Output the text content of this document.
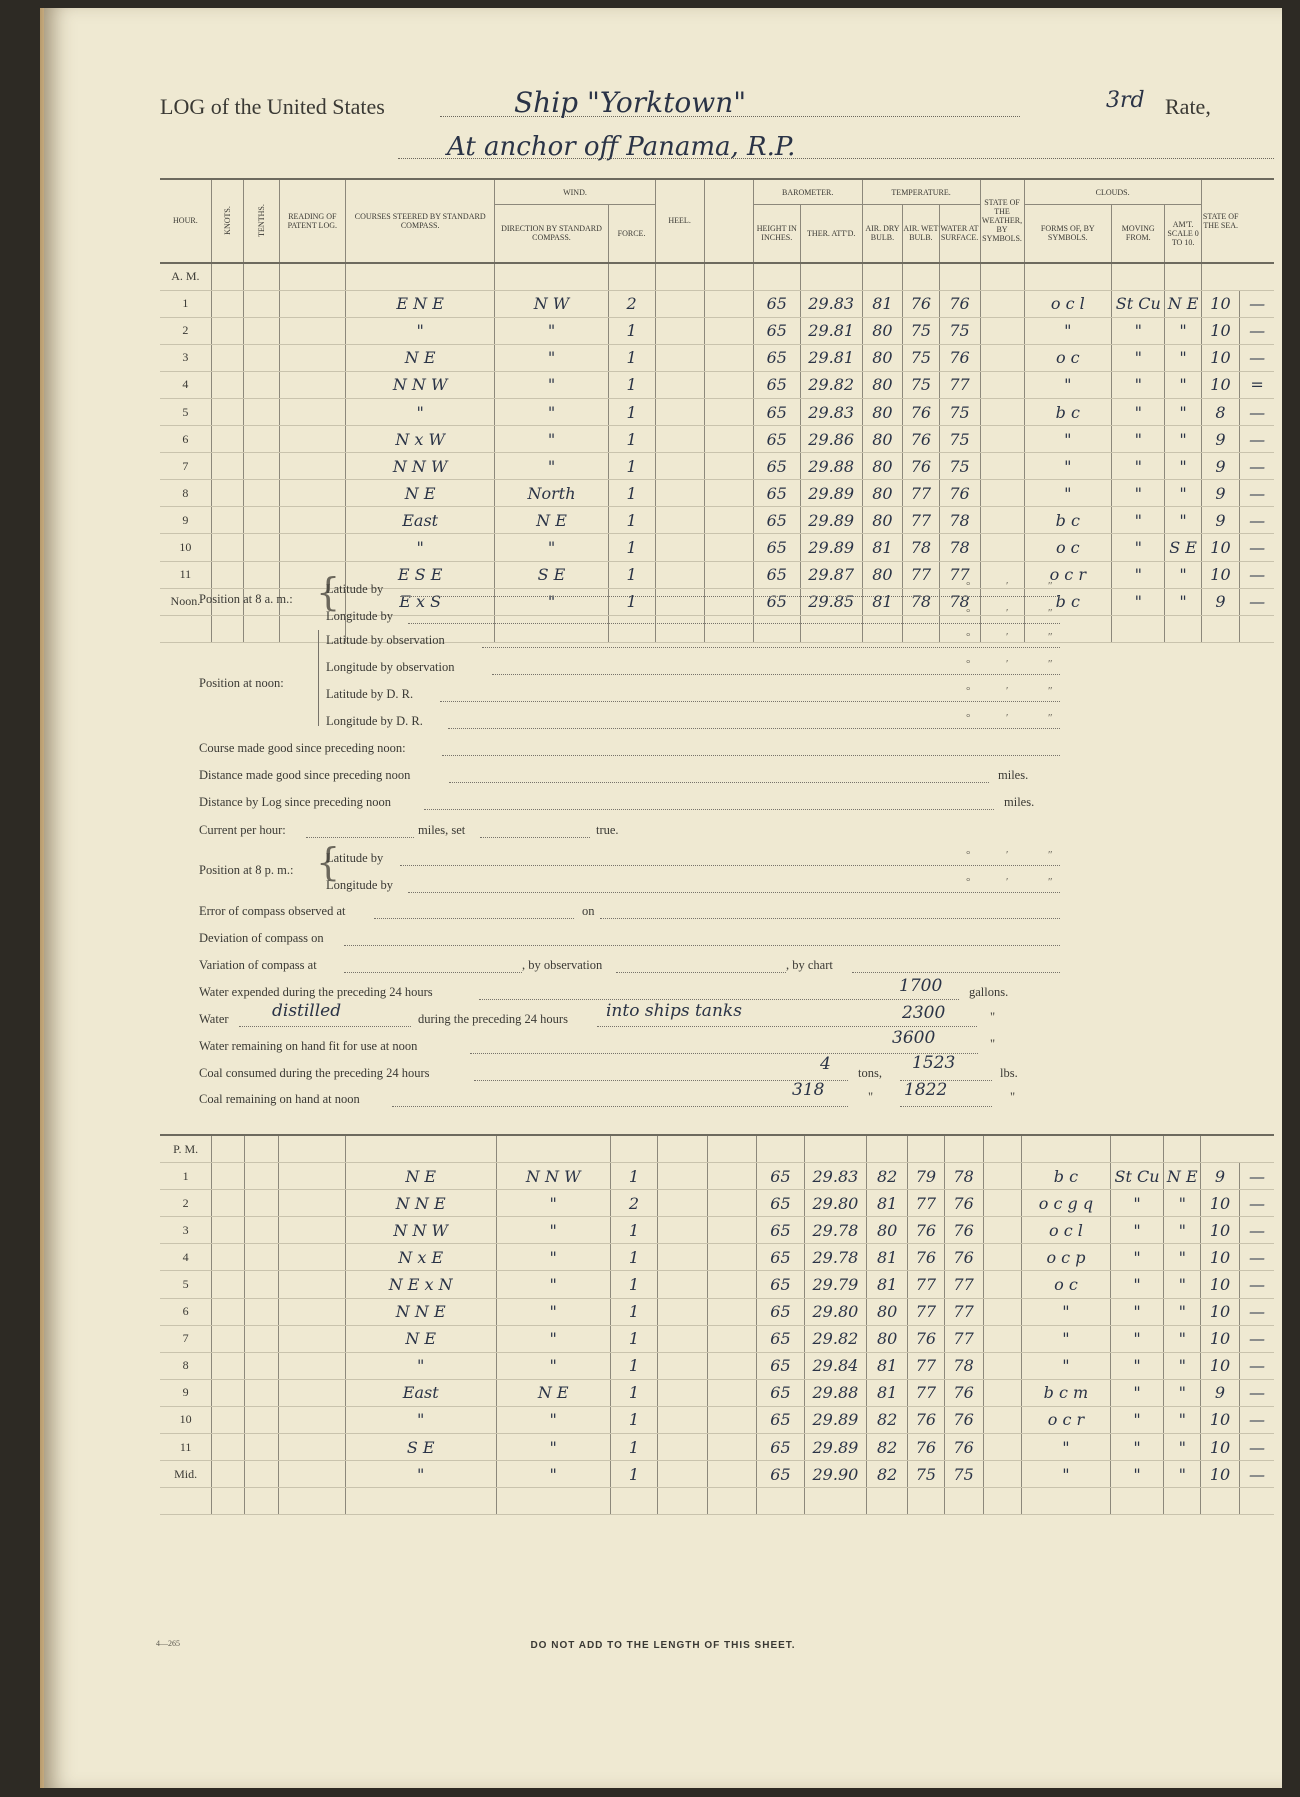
LOG of the United States	Ship "Yorktown"	3rd Rate,
At anchor off Panama, R.P.
HOUR.	KNOTS.	TENTHS.	READING OF PATENT LOG.	COURSES STEERED BY STANDARD COMPASS.	WIND.		HEEL.		BAROMETER.		TEMPERATURE.			STATE OF THE WEATHER, BY SYMBOLS.	CLOUDS.			STATE OF THE SEA.	
					DIRECTION BY STANDARD COMPASS.	FORCE.			HEIGHT IN INCHES.	THER. ATT'D.	AIR. DRY BULB.	AIR. WET BULB.	WATER AT SURFACE.		FORMS OF, BY SYMBOLS.	MOVING FROM.	AM'T. SCALE 0 TO 10.		
A. M.																			
1				E N E	N W	2			65	29.83	81	76	76		o c l	St Cu	N E	10	—
2				"	"	1			65	29.81	80	75	75		"	"	"	10	—
3				N E	"	1			65	29.81	80	75	76		o c	"	"	10	—
4				N N W	"	1			65	29.82	80	75	77		"	"	"	10	=
5				"	"	1			65	29.83	80	76	75		b c	"	"	8	—
6				N x W	"	1			65	29.86	80	76	75		"	"	"	9	—
7				N N W	"	1			65	29.88	80	76	75		"	"	"	9	—
8				N E	North	1			65	29.89	80	77	76		"	"	"	9	—
9				East	N E	1			65	29.89	80	77	78		b c	"	"	9	—
10				"	"	1			65	29.89	81	78	78		o c	"	S E	10	—
11				E S E	S E	1			65	29.87	80	77	77		o c r	"	"	10	—
Noon.				E x S	"	1			65	29.85	81	78	78		b c	"	"	9	—

Position at 8 a. m.: {
Latitude by
Longitude by
Position at noon:
Latitude by observation
Longitude by observation
Latitude by D. R.
Longitude by D. R.
Course made good since preceding noon:
Distance made good since preceding noon	miles.
Distance by Log since preceding noon	miles.
Current per hour:	miles, set	true.
Position at 8 p. m.: {
Latitude by
Longitude by
Error of compass observed at	on
Deviation of compass on
Variation of compass at	, by observation	, by chart
Water expended during the preceding 24 hours	1700 gallons.
Water	distilled	during the preceding 24 hours into ships tanks	2300	"
Water remaining on hand fit for use at noon	3600	"
Coal consumed during the preceding 24 hours	4 tons, 1523	lbs.
Coal remaining on hand at noon	318	" 1822	"
°	′	″
°	′	″
°	′	″
°	′	″
°	′	″
°	′	″
°	′	″
°	′	″
P. M.																			
1				N E	N N W	1			65	29.83	82	79	78		b c	St Cu	N E	9	—
2				N N E	"	2			65	29.80	81	77	76		o c g q	"	"	10	—
3				N N W	"	1			65	29.78	80	76	76		o c l	"	"	10	—
4				N x E	"	1			65	29.78	81	76	76		o c p	"	"	10	—
5				N E x N	"	1			65	29.79	81	77	77		o c	"	"	10	—
6				N N E	"	1			65	29.80	80	77	77		"	"	"	10	—
7				N E	"	1			65	29.82	80	76	77		"	"	"	10	—
8				"	"	1			65	29.84	81	77	78		"	"	"	10	—
9				East	N E	1			65	29.88	81	77	76		b c m	"	"	9	—
10				"	"	1			65	29.89	82	76	76		o c r	"	"	10	—
11				S E	"	1			65	29.89	82	76	76		"	"	"	10	—
Mid.				"	"	1			65	29.90	82	75	75		"	"	"	10	—

4—265	DO NOT ADD TO THE LENGTH OF THIS SHEET.
